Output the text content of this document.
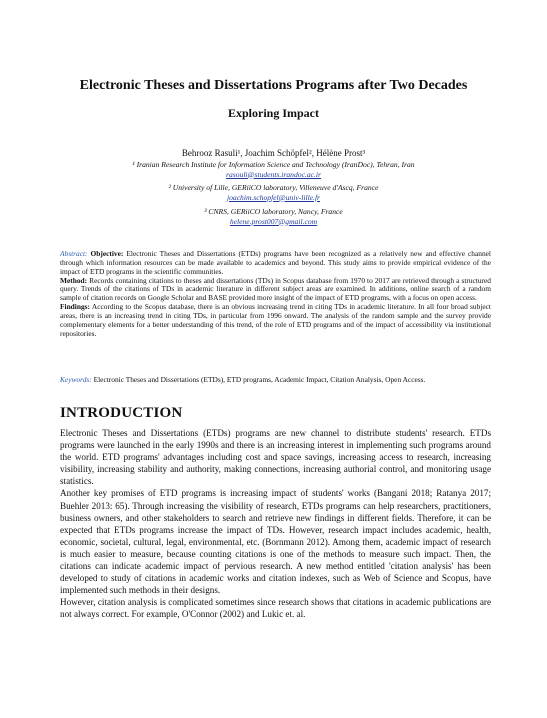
Electronic Theses and Dissertations Programs after Two Decades
Exploring Impact
Behrooz Rasuli¹, Joachim Schöpfel², Hélène Prost³
¹ Iranian Research Institute for Information Science and Technology (IranDoc), Tehran, Iran
rasouli@students.irandoc.ac.ir
² University of Lille, GERiiCO laboratory, Villeneuve d'Ascq, France
joachim.schopfel@univ-lille.fr
³ CNRS, GERiiCO laboratory, Nancy, France
helene.prost007@gmail.com
Abstract: Objective: Electronic Theses and Dissertations (ETDs) programs have been recognized as a relatively new and effective channel through which information resources can be made available to academics and beyond. This study aims to provide empirical evidence of the impact of ETD programs in the scientific communities.
Method: Records containing citations to theses and dissertations (TDs) in Scopus database from 1970 to 2017 are retrieved through a structured query. Trends of the citations of TDs in academic literature in different subject areas are examined. In additions, online search of a random sample of citation records on Google Scholar and BASE provided more insight of the impact of ETD programs, with a focus on open access.
Findings: According to the Scopus database, there is an obvious increasing trend in citing TDs in academic literature. In all four broad subject areas, there is an increasing trend in citing TDs, in particular from 1996 onward. The analysis of the random sample and the survey provide complementary elements for a better understanding of this trend, of the role of ETD programs and of the impact of accessibility via institutional repositories.
Keywords: Electronic Theses and Dissertations (ETDs), ETD programs, Academic Impact, Citation Analysis, Open Access.
INTRODUCTION

Electronic Theses and Dissertations (ETDs) programs are new channel to distribute students' research. ETDs programs were launched in the early 1990s and there is an increasing interest in implementing such programs around the world. ETD programs' advantages including cost and space savings, increasing access to research, increasing visibility, increasing stability and authority, making connections, increasing authorial control, and monitoring usage statistics.

Another key promises of ETD programs is increasing impact of students' works (Bangani 2018; Ratanya 2017; Buehler 2013: 65). Through increasing the visibility of research, ETDs programs can help researchers, practitioners, business owners, and other stakeholders to search and retrieve new findings in different fields. Therefore, it can be expected that ETDs programs increase the impact of TDs. However, research impact includes academic, health, economic, societal, cultural, legal, environmental, etc. (Bornmann 2012). Among them, academic impact of research is much easier to measure, because counting citations is one of the methods to measure such impact. Then, the citations can indicate academic impact of pervious research. A new method entitled 'citation analysis' has been developed to study of citations in academic works and citation indexes, such as Web of Science and Scopus, have implemented such methods in their designs.

However, citation analysis is complicated sometimes since research shows that citations in academic publications are not always correct. For example, O'Connor (2002) and Lukic et. al.
